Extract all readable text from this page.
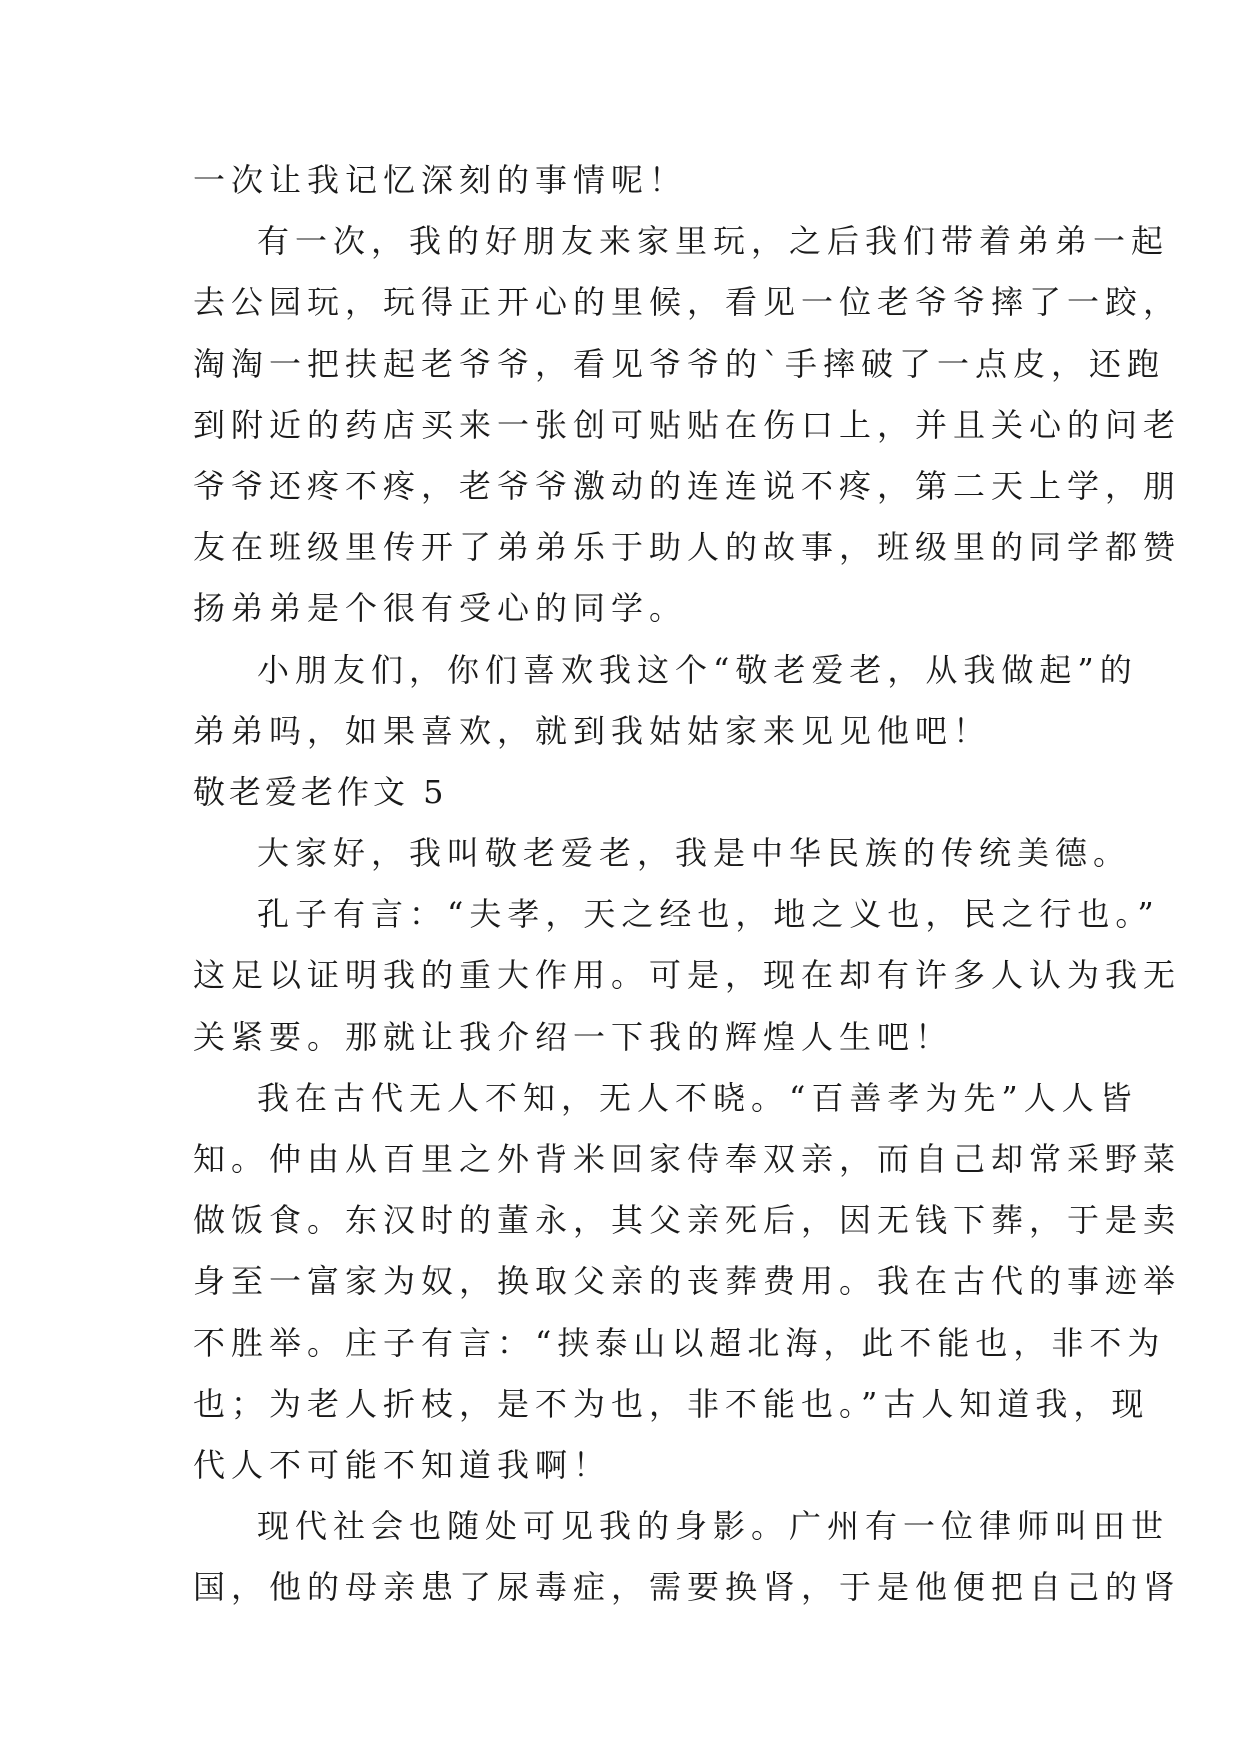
一次让我记忆深刻的事情呢！
有一次，我的好朋友来家里玩，之后我们带着弟弟一起
去公园玩，玩得正开心的里候，看见一位老爷爷摔了一跤，
淘淘一把扶起老爷爷，看见爷爷的`手摔破了一点皮，还跑
到附近的药店买来一张创可贴贴在伤口上，并且关心的问老
爷爷还疼不疼，老爷爷激动的连连说不疼，第二天上学，朋
友在班级里传开了弟弟乐于助人的故事，班级里的同学都赞
扬弟弟是个很有受心的同学。
小朋友们，你们喜欢我这个“敬老爱老，从我做起”的
弟弟吗，如果喜欢，就到我姑姑家来见见他吧！
敬老爱老作文 5
大家好，我叫敬老爱老，我是中华民族的传统美德。
孔子有言：“夫孝，天之经也，地之义也，民之行也。”
这足以证明我的重大作用。可是，现在却有许多人认为我无
关紧要。那就让我介绍一下我的辉煌人生吧！
我在古代无人不知，无人不晓。“百善孝为先”人人皆
知。仲由从百里之外背米回家侍奉双亲，而自己却常采野菜
做饭食。东汉时的董永，其父亲死后，因无钱下葬，于是卖
身至一富家为奴，换取父亲的丧葬费用。我在古代的事迹举
不胜举。庄子有言：“挟泰山以超北海，此不能也，非不为
也；为老人折枝，是不为也，非不能也。”古人知道我，现
代人不可能不知道我啊！
现代社会也随处可见我的身影。广州有一位律师叫田世
国，他的母亲患了尿毒症，需要换肾，于是他便把自己的肾
